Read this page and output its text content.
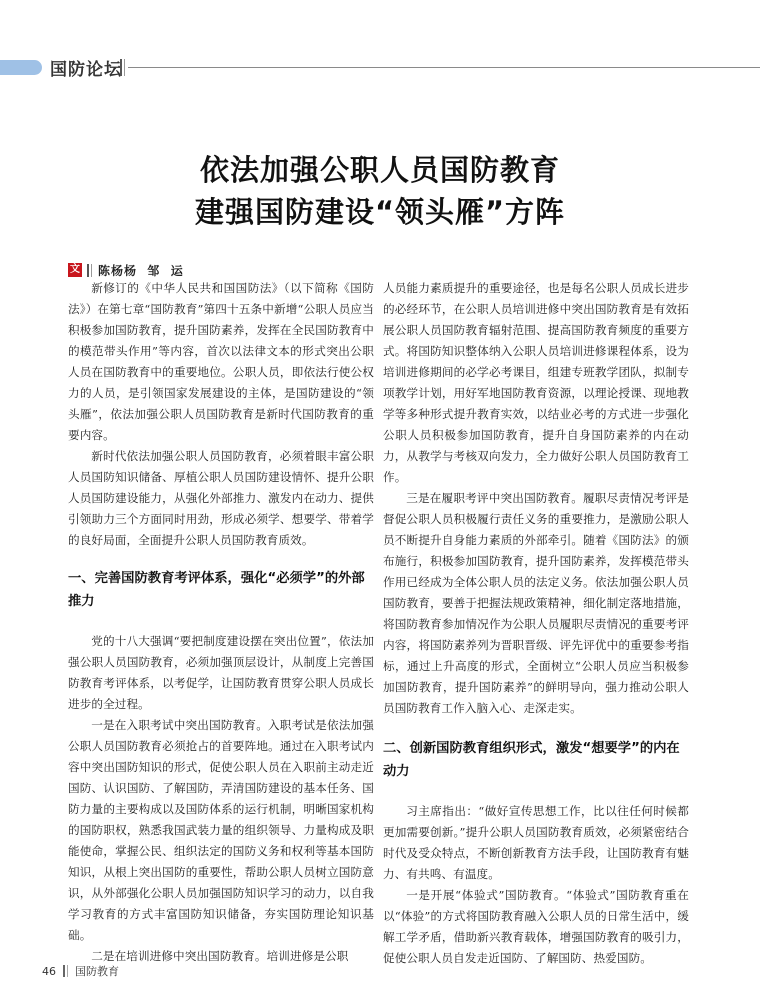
国防论坛
依法加强公职人员国防教育
建强国防建设“领头雁”方阵
文 陈杨杨  邹  运

新修订的《中华人民共和国国防法》（以下简称《国防法》）在第七章“国防教育”第四十五条中新增“公职人员应当积极参加国防教育，提升国防素养，发挥在全民国防教育中的模范带头作用”等内容，首次以法律文本的形式突出公职人员在国防教育中的重要地位。公职人员，即依法行使公权力的人员，是引领国家发展建设的主体，是国防建设的“领头雁”，依法加强公职人员国防教育是新时代国防教育的重要内容。

新时代依法加强公职人员国防教育，必须着眼丰富公职人员国防知识储备、厚植公职人员国防建设情怀、提升公职人员国防建设能力，从强化外部推力、激发内在动力、提供引领助力三个方面同时用劲，形成必须学、想要学、带着学的良好局面，全面提升公职人员国防教育质效。

一、完善国防教育考评体系，强化“必须学”的外部推力

党的十八大强调“要把制度建设摆在突出位置”，依法加强公职人员国防教育，必须加强顶层设计，从制度上完善国防教育考评体系，以考促学，让国防教育贯穿公职人员成长进步的全过程。

一是在入职考试中突出国防教育。入职考试是依法加强公职人员国防教育必须抢占的首要阵地。通过在入职考试内容中突出国防知识的形式，促使公职人员在入职前主动走近国防、认识国防、了解国防，弄清国防建设的基本任务、国防力量的主要构成以及国防体系的运行机制，明晰国家机构的国防职权，熟悉我国武装力量的组织领导、力量构成及职能使命，掌握公民、组织法定的国防义务和权利等基本国防知识，从根上突出国防的重要性，帮助公职人员树立国防意识，从外部强化公职人员加强国防知识学习的动力，以自我学习教育的方式丰富国防知识储备，夯实国防理论知识基础。

二是在培训进修中突出国防教育。培训进修是公职

人员能力素质提升的重要途径，也是每名公职人员成长进步的必经环节，在公职人员培训进修中突出国防教育是有效拓展公职人员国防教育辐射范围、提高国防教育频度的重要方式。将国防知识整体纳入公职人员培训进修课程体系，设为培训进修期间的必学必考课目，组建专班教学团队，拟制专项教学计划，用好军地国防教育资源，以理论授课、现地教学等多种形式提升教育实效，以结业必考的方式进一步强化公职人员积极参加国防教育，提升自身国防素养的内在动力，从教学与考核双向发力，全力做好公职人员国防教育工作。

三是在履职考评中突出国防教育。履职尽责情况考评是督促公职人员积极履行责任义务的重要推力，是激励公职人员不断提升自身能力素质的外部牵引。随着《国防法》的颁布施行，积极参加国防教育，提升国防素养，发挥模范带头作用已经成为全体公职人员的法定义务。依法加强公职人员国防教育，要善于把握法规政策精神，细化制定落地措施，将国防教育参加情况作为公职人员履职尽责情况的重要考评内容，将国防素养列为晋职晋级、评先评优中的重要参考指标，通过上升高度的形式，全面树立“公职人员应当积极参加国防教育，提升国防素养”的鲜明导向，强力推动公职人员国防教育工作入脑入心、走深走实。

二、创新国防教育组织形式，激发“想要学”的内在动力

习主席指出：“做好宣传思想工作，比以往任何时候都更加需要创新。”提升公职人员国防教育质效，必须紧密结合时代及受众特点，不断创新教育方法手段，让国防教育有魅力、有共鸣、有温度。

一是开展“体验式”国防教育。“体验式”国防教育重在以“体验”的方式将国防教育融入公职人员的日常生活中，缓解工学矛盾，借助新兴教育载体，增强国防教育的吸引力，促使公职人员自发走近国防、了解国防、热爱国防。

46 国防教育
